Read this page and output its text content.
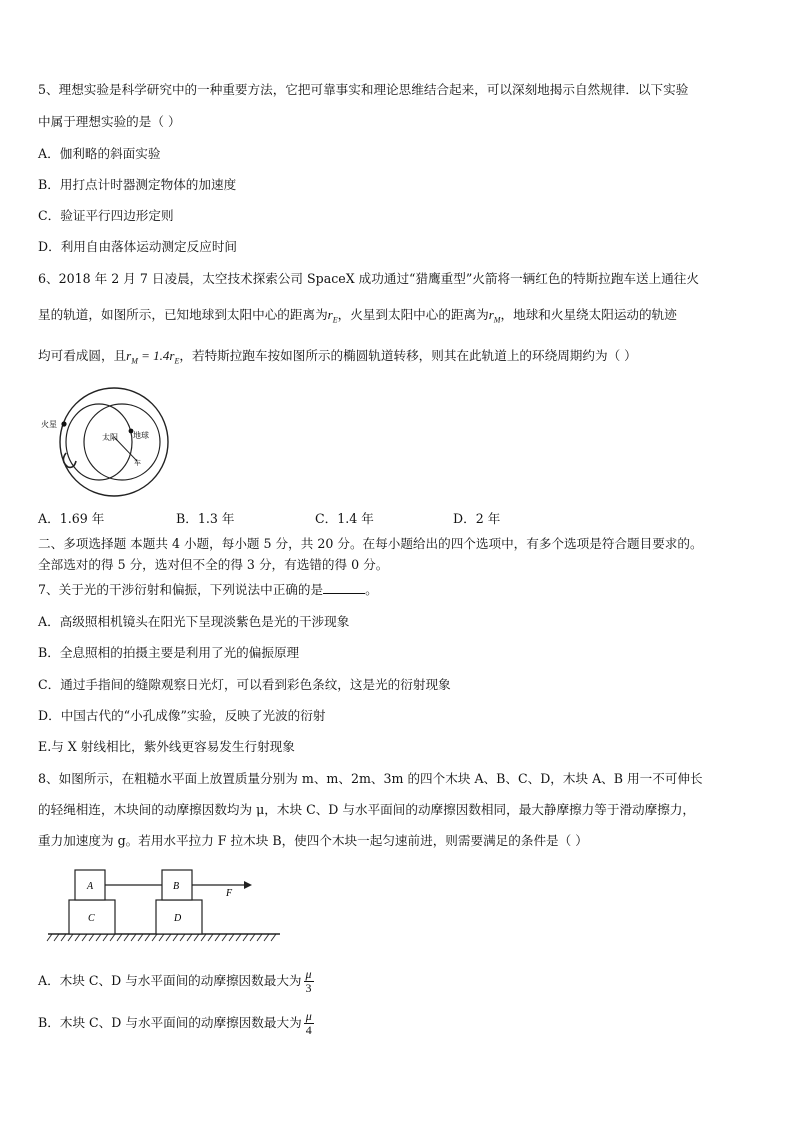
5、理想实验是科学研究中的一种重要方法，它把可靠事实和理论思维结合起来，可以深刻地揭示自然规律．以下实验
中属于理想实验的是（ ）
A．伽利略的斜面实验
B．用打点计时器测定物体的加速度
C．验证平行四边形定则
D．利用自由落体运动测定反应时间
6、2018 年 2 月 7 日凌晨，太空技术探索公司 SpaceX 成功通过“猎鹰重型”火箭将一辆红色的特斯拉跑车送上通往火
星的轨道，如图所示，已知地球到太阳中心的距离为$r_E$，火星到太阳中心的距离为$r_M$，地球和火星绕太阳运动的轨迹
均可看成圆，且$r_M = 1.4r_E$，若特斯拉跑车按如图所示的椭圆轨道转移，则其在此轨道上的环绕周期约为（ ）
火星
太阳 地球
车
A．1.69 年	B．1.3 年	C．1.4 年	D．2 年
二、多项选择题 本题共 4 小题，每小题 5 分，共 20 分。在每小题给出的四个选项中，有多个选项是符合题目要求的。
全部选对的得 5 分，选对但不全的得 3 分，有选错的得 0 分。
7、关于光的干涉衍射和偏振，下列说法中正确的是	。
A．高级照相机镜头在阳光下呈现淡紫色是光的干涉现象
B．全息照相的拍摄主要是利用了光的偏振原理
C．通过手指间的缝隙观察日光灯，可以看到彩色条纹，这是光的衍射现象
D．中国古代的“小孔成像”实验，反映了光波的衍射
E.与 X 射线相比，紫外线更容易发生行射现象
8、如图所示，在粗糙水平面上放置质量分别为 m、m、2m、3m 的四个木块 A、B、C、D，木块 A、B 用一不可伸长
的轻绳相连，木块间的动摩擦因数均为 μ，木块 C、D 与水平面间的动摩擦因数相同，最大静摩擦力等于滑动摩擦力，
重力加速度为 g。若用水平拉力 F 拉木块 B，使四个木块一起匀速前进，则需要满足的条件是（ ）
A
C
B
D
F
A．木块 C、D 与水平面间的动摩擦因数最大为 $\frac{\mu}{3}$
B．木块 C、D 与水平面间的动摩擦因数最大为 $\frac{\mu}{4}$
